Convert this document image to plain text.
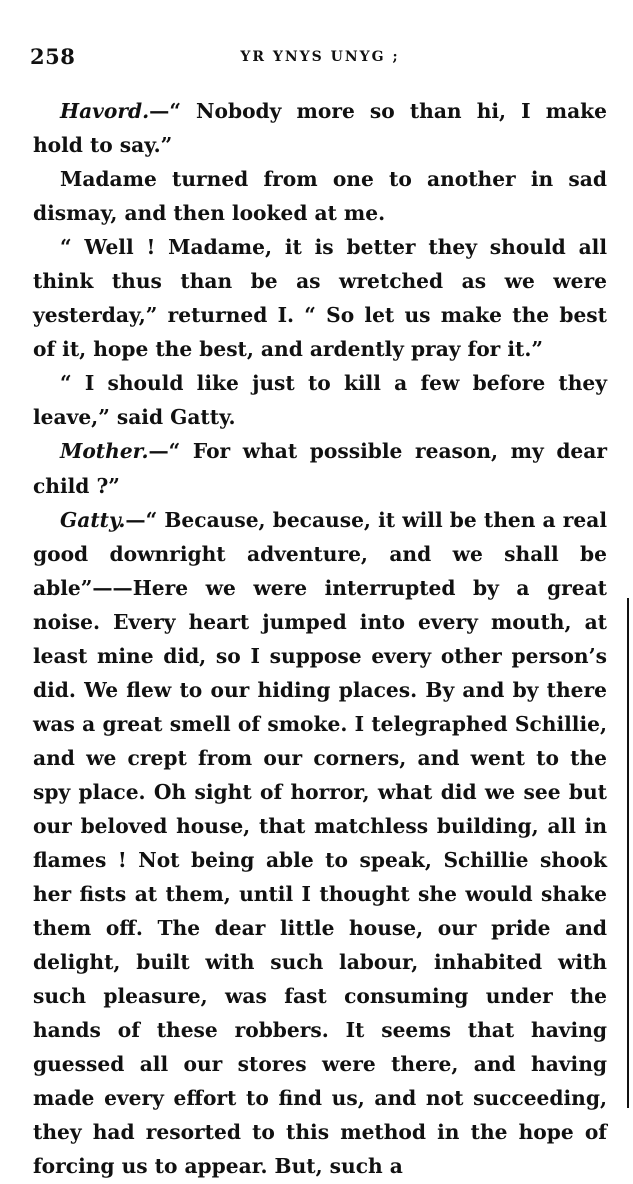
258	YR YNYS UNYG ;

Havord.—“ Nobody more so than hi, I make hold to say.”

Madame turned from one to another in sad dismay, and then looked at me.

“ Well ! Madame, it is better they should all think thus than be as wretched as we were yesterday,” returned I. “ So let us make the best of it, hope the best, and ardently pray for it.”

“ I should like just to kill a few before they leave,” said Gatty.

Mother.—“ For what possible reason, my dear child ?”

Gatty.—“ Because, because, it will be then a real good downright adventure, and we shall be able”——Here we were interrupted by a great noise. Every heart jumped into every mouth, at least mine did, so I suppose every other person’s did. We flew to our hiding places. By and by there was a great smell of smoke. I telegraphed Schillie, and we crept from our corners, and went to the spy place. Oh sight of horror, what did we see but our beloved house, that matchless building, all in flames ! Not being able to speak, Schillie shook her fists at them, until I thought she would shake them off. The dear little house, our pride and delight, built with such labour, inhabited with such pleasure, was fast consuming under the hands of these robbers. It seems that having guessed all our stores were there, and having made every effort to find us, and not succeeding, they had resorted to this method in the hope of forcing us to appear. But, such a
